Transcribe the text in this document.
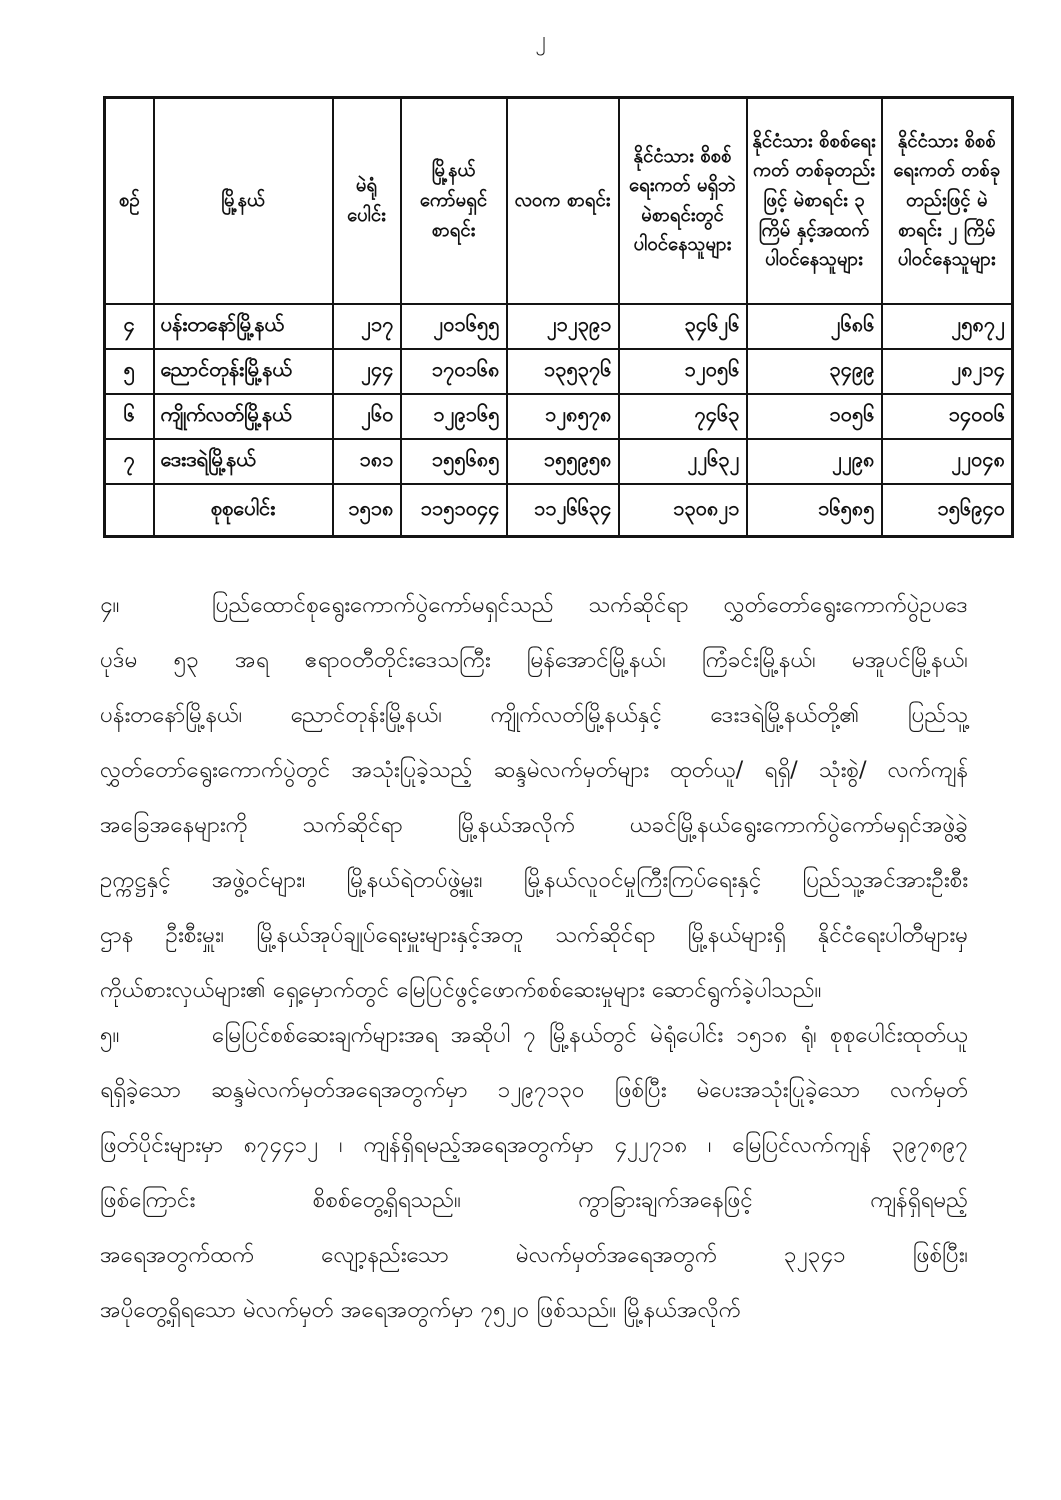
၂
စဉ်	မြို့နယ်	မဲရုံ ပေါင်း	မြို့နယ် ကော်မရှင် စာရင်း	လဝက စာရင်း	နိုင်ငံသား စိစစ်ရေးကတ် မရှိဘဲ မဲစာရင်းတွင် ပါဝင်နေသူများ	နိုင်ငံသား စိစစ်ရေးကတ် တစ်ခုတည်းဖြင့် မဲစာရင်း ၃ ကြိမ် နှင့်အထက် ပါဝင်နေသူများ	နိုင်ငံသား စိစစ်ရေးကတ် တစ်ခုတည်းဖြင့် မဲစာရင်း ၂ ကြိမ် ပါဝင်နေသူများ
၄	ပန်းတနော်မြို့နယ်	၂၁၇	၂၀၁၆၅၅	၂၁၂၃၉၁	၃၄၆၂၆	၂၆၈၆	၂၅၈၇၂
၅	ညောင်တုန်းမြို့နယ်	၂၄၄	၁၇၀၁၆၈	၁၃၅၃၇၆	၁၂၀၅၆	၃၄၉၉	၂၈၂၁၄
၆	ကျိုက်လတ်မြို့နယ်	၂၆၀	၁၂၉၁၆၅	၁၂၈၅၇၈	၇၄၆၃	၁၀၅၆	၁၄၀၀၆
၇	ဒေးဒရဲမြို့နယ်	၁၈၁	၁၅၅၆၈၅	၁၅၅၉၅၈	၂၂၆၃၂	၂၂၉၈	၂၂၀၄၈
	စုစုပေါင်း	၁၅၁၈	၁၁၅၁၀၄၄	၁၁၂၆၆၃၄	၁၃၀၈၂၁	၁၆၅၈၅	၁၅၆၉၄၀
၄။	ပြည်ထောင်စုရွေးကောက်ပွဲကော်မရှင်သည် သက်ဆိုင်ရာ လွှတ်တော်ရွေးကောက်ပွဲဥပဒေ
ပုဒ်မ ၅၃ အရ ဧရာဝတီတိုင်းဒေသကြီး မြန်အောင်မြို့နယ်၊ ကြံခင်းမြို့နယ်၊ မအူပင်မြို့နယ်၊
ပန်းတနော်မြို့နယ်၊ ညောင်တုန်းမြို့နယ်၊ ကျိုက်လတ်မြို့နယ်နှင့် ဒေးဒရဲမြို့နယ်တို့၏ ပြည်သူ့
လွှတ်တော်ရွေးကောက်ပွဲတွင် အသုံးပြုခဲ့သည့် ဆန္ဒမဲလက်မှတ်များ ထုတ်ယူ/ ရရှိ/ သုံးစွဲ/ လက်ကျန်
အခြေအနေများကို သက်ဆိုင်ရာ မြို့နယ်အလိုက် ယခင်မြို့နယ်ရွေးကောက်ပွဲကော်မရှင်အဖွဲ့ခွဲ
ဥက္ကဋ္ဌနှင့် အဖွဲ့ဝင်များ၊ မြို့နယ်ရဲတပ်ဖွဲ့မှူး၊ မြို့နယ်လူဝင်မှုကြီးကြပ်ရေးနှင့် ပြည်သူ့အင်အားဦးစီး
ဌာန ဦးစီးမှူး၊ မြို့နယ်အုပ်ချုပ်ရေးမှူးများနှင့်အတူ သက်ဆိုင်ရာ မြို့နယ်များရှိ နိုင်ငံရေးပါတီများမှ
ကိုယ်စားလှယ်များ၏ ရှေ့မှောက်တွင် မြေပြင်ဖွင့်ဖောက်စစ်ဆေးမှုများ ဆောင်ရွက်ခဲ့ပါသည်။
၅။	မြေပြင်စစ်ဆေးချက်များအရ အဆိုပါ ၇ မြို့နယ်တွင် မဲရုံပေါင်း ၁၅၁၈ ရုံ၊ စုစုပေါင်းထုတ်ယူ
ရရှိခဲ့သော ဆန္ဒမဲလက်မှတ်အရေအတွက်မှာ ၁၂၉၇၁၃၀ ဖြစ်ပြီး မဲပေးအသုံးပြုခဲ့သော လက်မှတ်
ဖြတ်ပိုင်းများမှာ ၈၇၄၄၁၂ ၊ ကျန်ရှိရမည့်အရေအတွက်မှာ ၄၂၂၇၁၈ ၊ မြေပြင်လက်ကျန် ၃၉၇၈၉၇
ဖြစ်ကြောင်း စိစစ်တွေ့ရှိရသည်။ ကွာခြားချက်အနေဖြင့် ကျန်ရှိရမည့်
အရေအတွက်ထက် လျော့နည်းသော မဲလက်မှတ်အရေအတွက် ၃၂၃၄၁ ဖြစ်ပြီး၊
အပိုတွေ့ရှိရသော မဲလက်မှတ် အရေအတွက်မှာ ၇၅၂၀ ဖြစ်သည်။ မြို့နယ်အလိုက်
